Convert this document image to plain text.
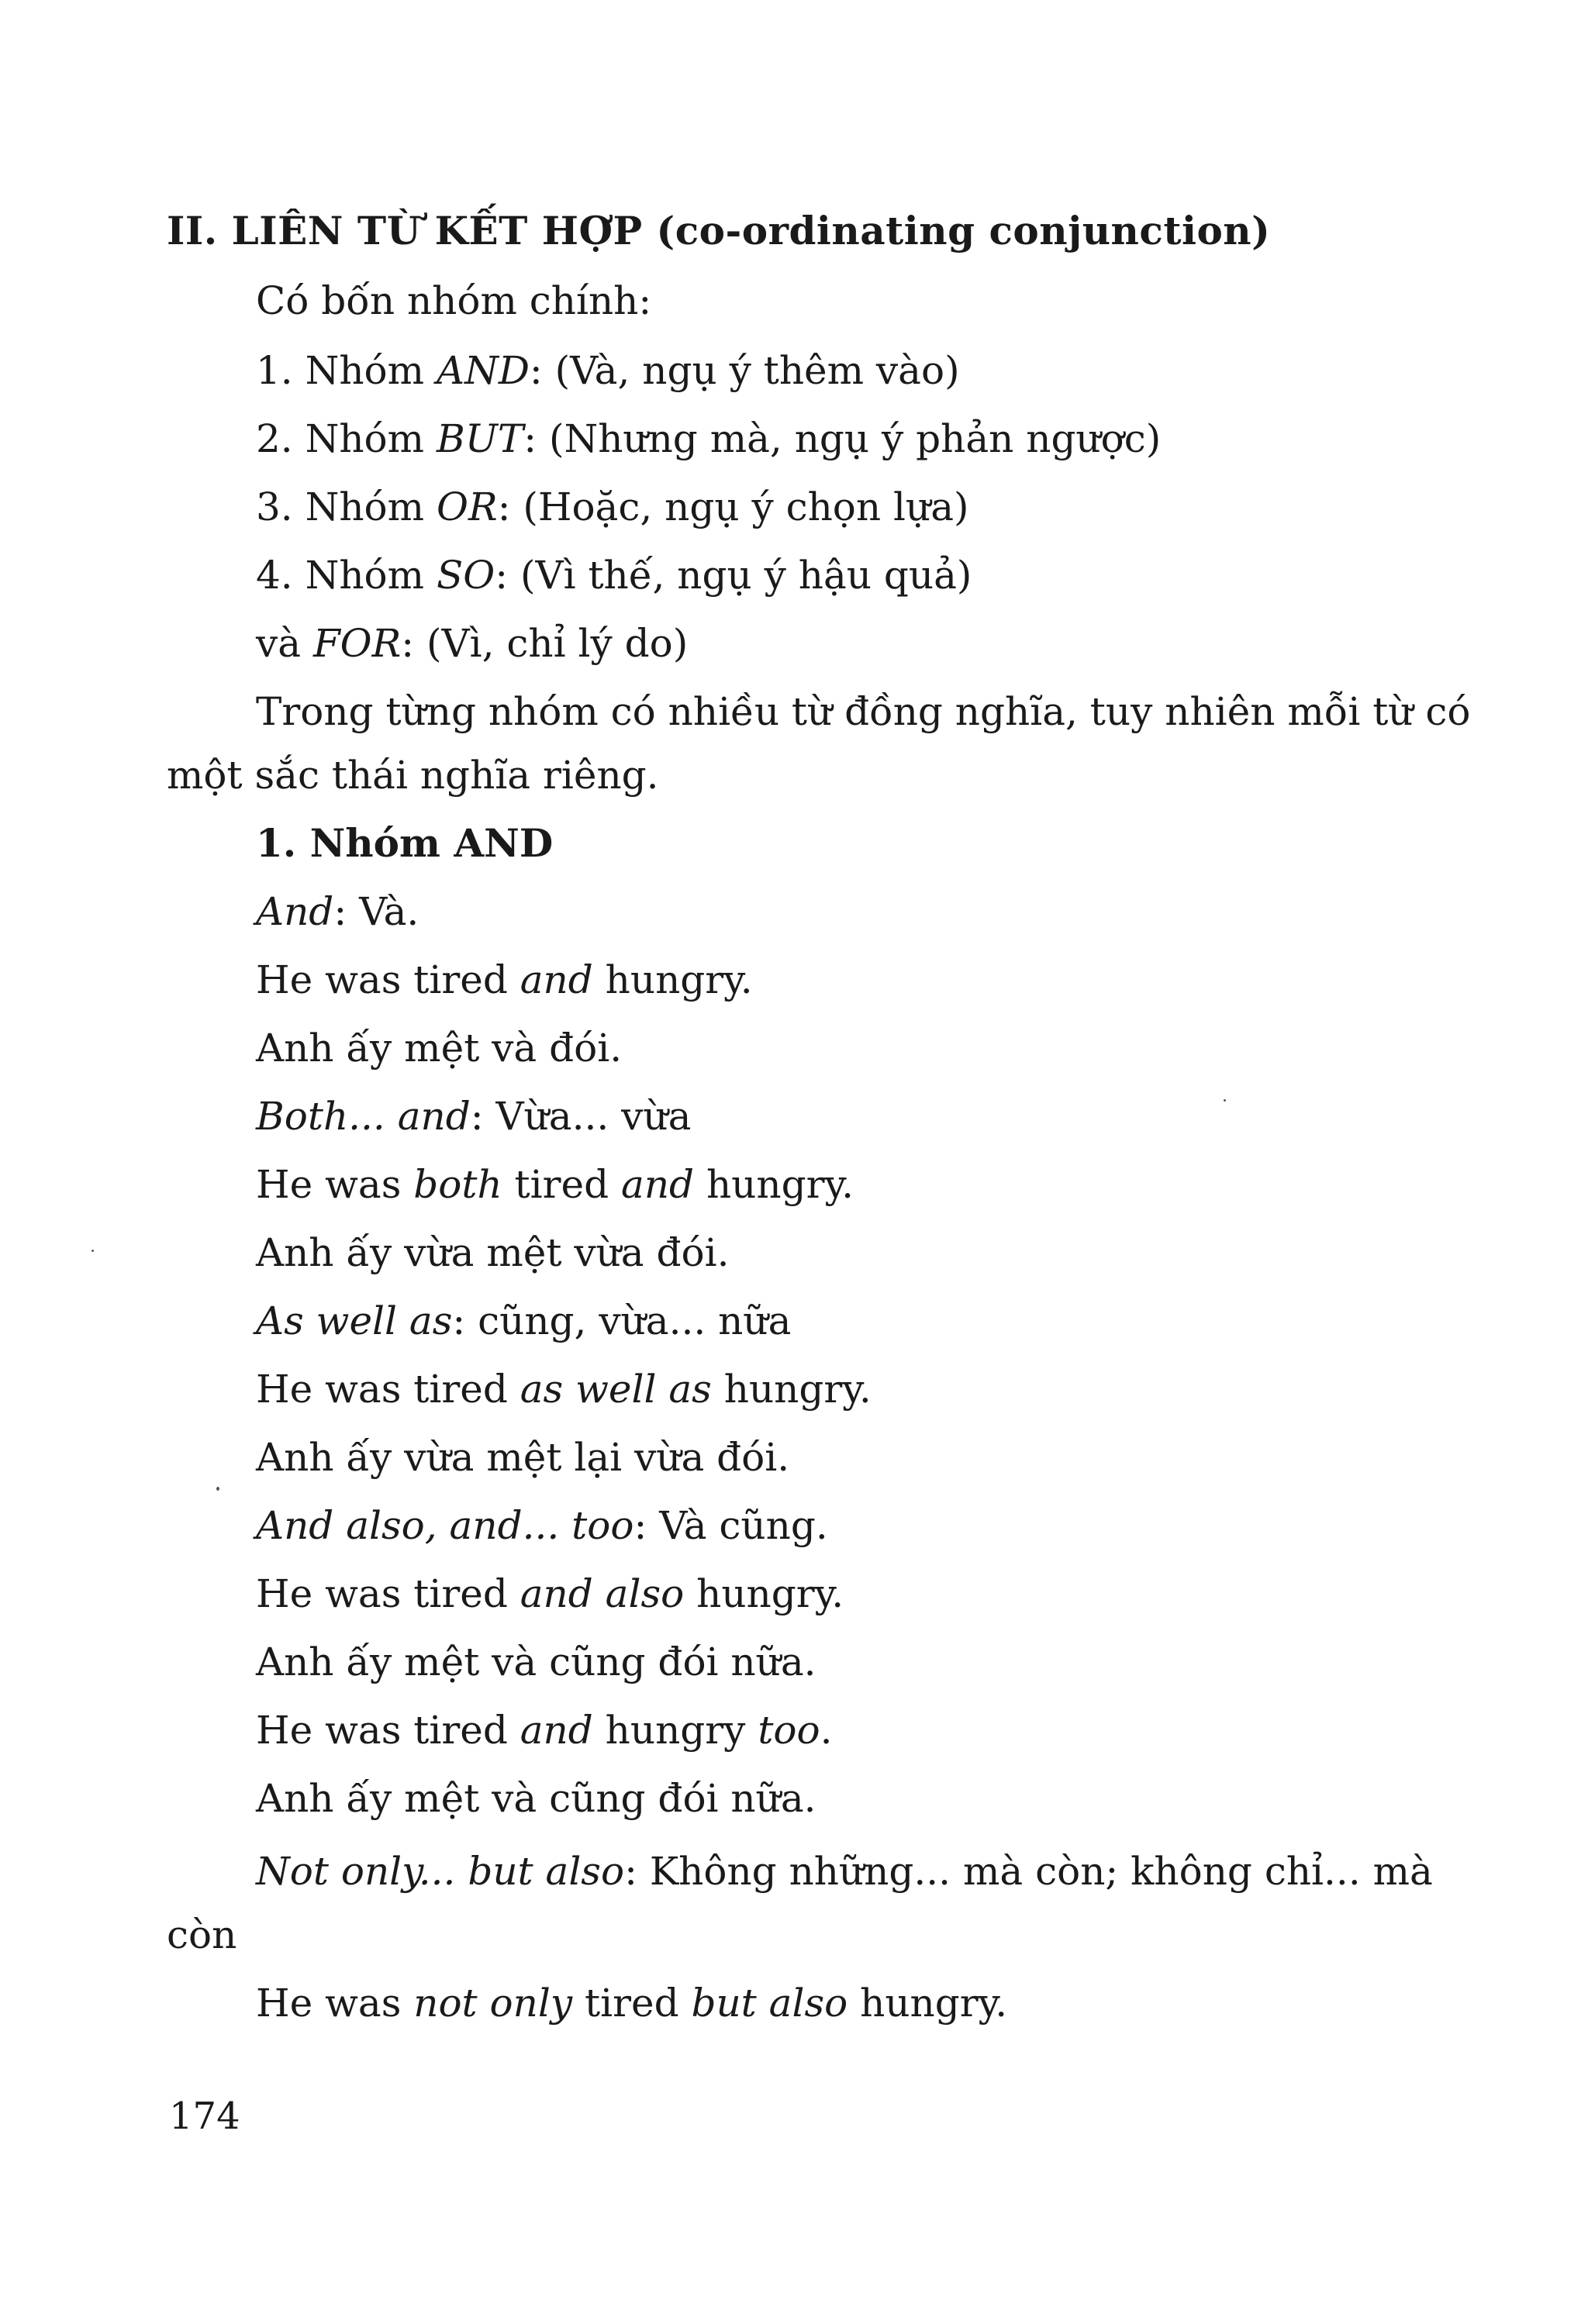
II. LIÊN TỪ KẾT HỢP (co-ordinating conjunction)
Có bốn nhóm chính:
1. Nhóm AND: (Và, ngụ ý thêm vào)
2. Nhóm BUT: (Nhưng mà, ngụ ý phản ngược)
3. Nhóm OR: (Hoặc, ngụ ý chọn lựa)
4. Nhóm SO: (Vì thế, ngụ ý hậu quả)
và FOR: (Vì, chỉ lý do)
Trong từng nhóm có nhiều từ đồng nghĩa, tuy nhiên mỗi từ có
một sắc thái nghĩa riêng.
1. Nhóm AND
And: Và.
He was tired and hungry.
Anh ấy mệt và đói.
Both... and: Vừa... vừa
He was both tired and hungry.
Anh ấy vừa mệt vừa đói.
As well as: cũng, vừa... nữa
He was tired as well as hungry.
Anh ấy vừa mệt lại vừa đói.
And also, and... too: Và cũng.
He was tired and also hungry.
Anh ấy mệt và cũng đói nữa.
He was tired and hungry too.
Anh ấy mệt và cũng đói nữa.
Not only... but also: Không những... mà còn; không chỉ... mà
còn
He was not only tired but also hungry.
174
